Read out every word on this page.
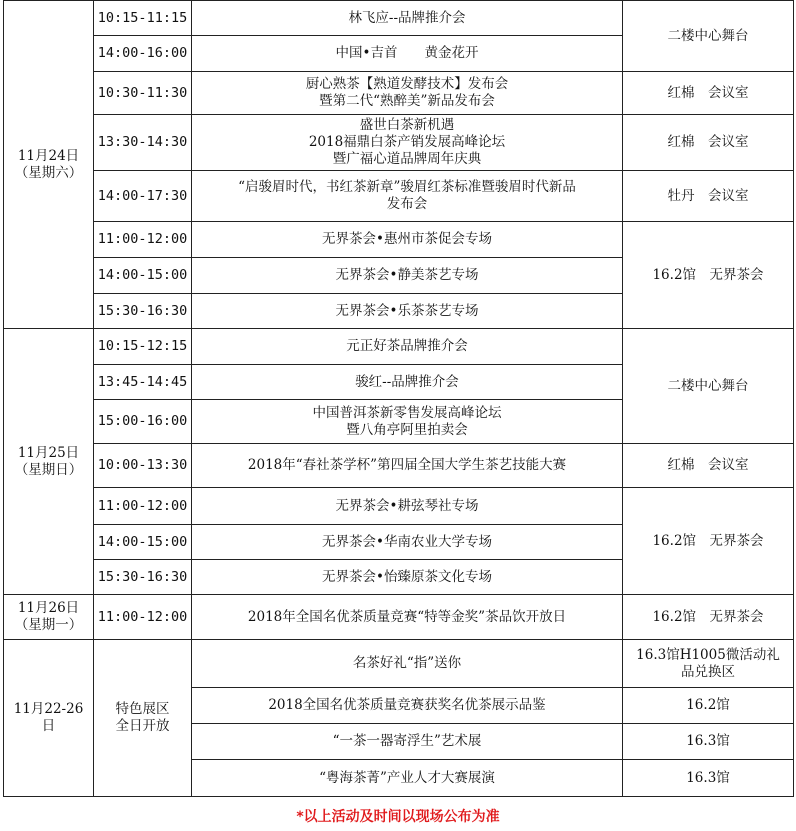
11月24日
（星期六）	10:15-11:15	林飞应--品牌推介会	二楼中心舞台

	14:00-16:00	中国•吉首　　黄金花开	

	10:30-11:30	厨心熟茶【熟道发酵技术】发布会
暨第二代“熟醉美”新品发布会	红棉　会议室

	13:30-14:30	盛世白茶新机遇
2018福鼎白茶产销发展高峰论坛
暨广福心道品牌周年庆典	红棉　会议室

	14:00-17:30	“启骏眉时代，书红茶新章”骏眉红茶标准暨骏眉时代新品
发布会	牡丹　会议室

	11:00-12:00	无界茶会•惠州市茶促会专场	16.2馆　无界茶会

	14:00-15:00	无界茶会•静美茶艺专场	

	15:30-16:30	无界茶会•乐茶茶艺专场	

11月25日
（星期日）	10:15-12:15	元正好茶品牌推介会	二楼中心舞台

	13:45-14:45	骏红--品牌推介会	

	15:00-16:00	中国普洱茶新零售发展高峰论坛
暨八角亭阿里拍卖会	

	10:00-13:30	2018年“春社茶学杯”第四届全国大学生茶艺技能大赛	红棉　会议室

	11:00-12:00	无界茶会•耕弦琴社专场	16.2馆　无界茶会

	14:00-15:00	无界茶会•华南农业大学专场	

	15:30-16:30	无界茶会•怡臻原茶文化专场	

11月26日
（星期一）	11:00-12:00	2018年全国名优茶质量竞赛“特等金奖”茶品饮开放日	16.2馆　无界茶会

11月22-26
日	特色展区
全日开放	名茶好礼“指”送你	16.3馆H1005微活动礼
品兑换区

		2018全国名优茶质量竞赛获奖名优茶展示品鉴	16.2馆

		“一茶一器寄浮生”艺术展	16.3馆

		“粤海茶菁”产业人才大赛展演	16.3馆
*以上活动及时间以现场公布为准
